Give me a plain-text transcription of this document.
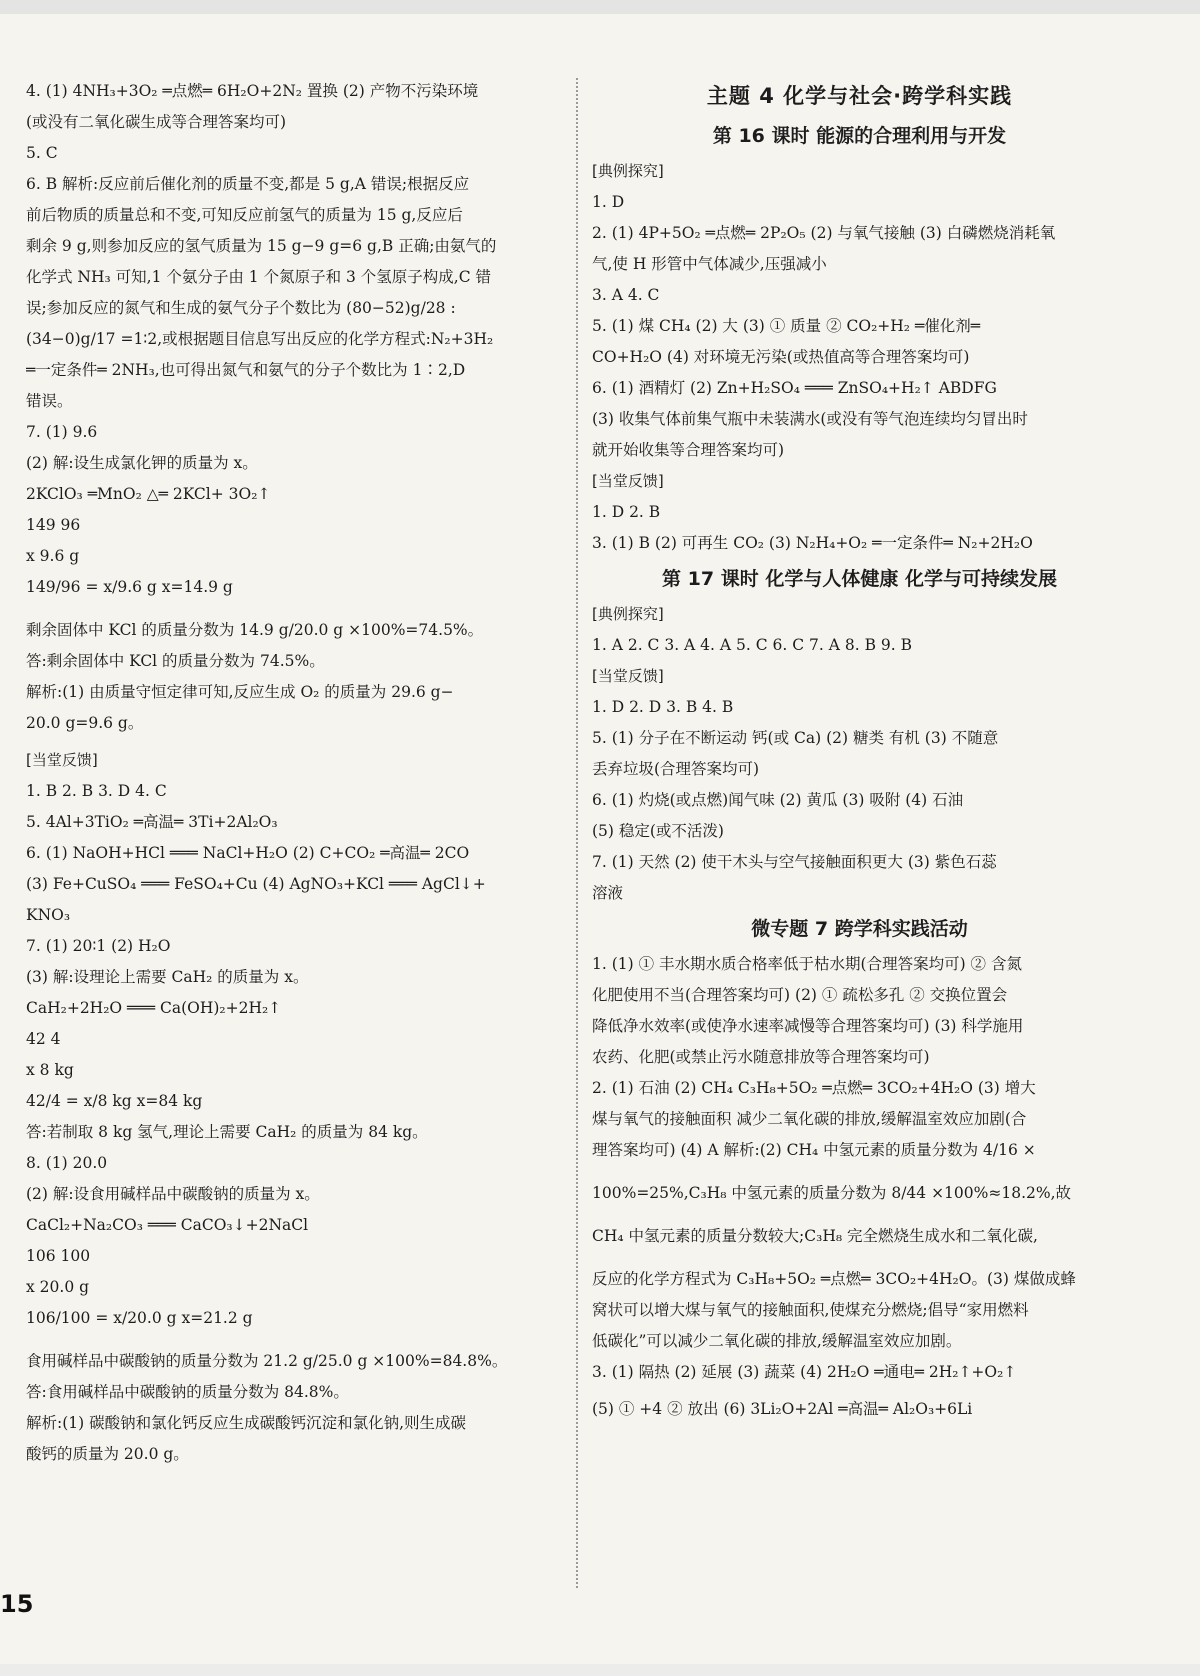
4. (1) 4NH₃+3O₂ ═点燃═ 6H₂O+2N₂ 置换 (2) 产物不污染环境
(或没有二氧化碳生成等合理答案均可)
5. C
6. B 解析:反应前后催化剂的质量不变,都是 5 g,A 错误;根据反应
前后物质的质量总和不变,可知反应前氢气的质量为 15 g,反应后
剩余 9 g,则参加反应的氢气质量为 15 g−9 g=6 g,B 正确;由氨气的
化学式 NH₃ 可知,1 个氨分子由 1 个氮原子和 3 个氢原子构成,C 错
误;参加反应的氮气和生成的氨气分子个数比为 (80−52)g/28 :
(34−0)g/17 =1∶2,或根据题目信息写出反应的化学方程式:N₂+3H₂
═一定条件═ 2NH₃,也可得出氮气和氨气的分子个数比为 1∶2,D
错误。
7. (1) 9.6
(2) 解:设生成氯化钾的质量为 x。
2KClO₃ ═MnO₂ △═ 2KCl+ 3O₂↑
149 96
x 9.6 g
149/96 = x/9.6 g x=14.9 g
剩余固体中 KCl 的质量分数为 14.9 g/20.0 g ×100%=74.5%。
答:剩余固体中 KCl 的质量分数为 74.5%。
解析:(1) 由质量守恒定律可知,反应生成 O₂ 的质量为 29.6 g−
20.0 g=9.6 g。
[当堂反馈]
1. B 2. B 3. D 4. C
5. 4Al+3TiO₂ ═高温═ 3Ti+2Al₂O₃
6. (1) NaOH+HCl ═══ NaCl+H₂O (2) C+CO₂ ═高温═ 2CO
(3) Fe+CuSO₄ ═══ FeSO₄+Cu (4) AgNO₃+KCl ═══ AgCl↓+
KNO₃
7. (1) 20∶1 (2) H₂O
(3) 解:设理论上需要 CaH₂ 的质量为 x。
CaH₂+2H₂O ═══ Ca(OH)₂+2H₂↑
42 4
x 8 kg
42/4 = x/8 kg x=84 kg
答:若制取 8 kg 氢气,理论上需要 CaH₂ 的质量为 84 kg。
8. (1) 20.0
(2) 解:设食用碱样品中碳酸钠的质量为 x。
CaCl₂+Na₂CO₃ ═══ CaCO₃↓+2NaCl
106 100
x 20.0 g
106/100 = x/20.0 g x=21.2 g
食用碱样品中碳酸钠的质量分数为 21.2 g/25.0 g ×100%=84.8%。
答:食用碱样品中碳酸钠的质量分数为 84.8%。
解析:(1) 碳酸钠和氯化钙反应生成碳酸钙沉淀和氯化钠,则生成碳
酸钙的质量为 20.0 g。
主题 4 化学与社会·跨学科实践
第 16 课时 能源的合理利用与开发
[典例探究]
1. D
2. (1) 4P+5O₂ ═点燃═ 2P₂O₅ (2) 与氧气接触 (3) 白磷燃烧消耗氧
气,使 H 形管中气体减少,压强减小
3. A 4. C
5. (1) 煤 CH₄ (2) 大 (3) ① 质量 ② CO₂+H₂ ═催化剂═
CO+H₂O (4) 对环境无污染(或热值高等合理答案均可)
6. (1) 酒精灯 (2) Zn+H₂SO₄ ═══ ZnSO₄+H₂↑ ABDFG
(3) 收集气体前集气瓶中未装满水(或没有等气泡连续均匀冒出时
就开始收集等合理答案均可)
[当堂反馈]
1. D 2. B
3. (1) B (2) 可再生 CO₂ (3) N₂H₄+O₂ ═一定条件═ N₂+2H₂O
第 17 课时 化学与人体健康 化学与可持续发展
[典例探究]
1. A 2. C 3. A 4. A 5. C 6. C 7. A 8. B 9. B
[当堂反馈]
1. D 2. D 3. B 4. B
5. (1) 分子在不断运动 钙(或 Ca) (2) 糖类 有机 (3) 不随意
丢弃垃圾(合理答案均可)
6. (1) 灼烧(或点燃)闻气味 (2) 黄瓜 (3) 吸附 (4) 石油
(5) 稳定(或不活泼)
7. (1) 天然 (2) 使干木头与空气接触面积更大 (3) 紫色石蕊
溶液
微专题 7 跨学科实践活动
1. (1) ① 丰水期水质合格率低于枯水期(合理答案均可) ② 含氮
化肥使用不当(合理答案均可) (2) ① 疏松多孔 ② 交换位置会
降低净水效率(或使净水速率减慢等合理答案均可) (3) 科学施用
农药、化肥(或禁止污水随意排放等合理答案均可)
2. (1) 石油 (2) CH₄ C₃H₈+5O₂ ═点燃═ 3CO₂+4H₂O (3) 增大
煤与氧气的接触面积 减少二氧化碳的排放,缓解温室效应加剧(合
理答案均可) (4) A 解析:(2) CH₄ 中氢元素的质量分数为 4/16 ×
100%=25%,C₃H₈ 中氢元素的质量分数为 8/44 ×100%≈18.2%,故
CH₄ 中氢元素的质量分数较大;C₃H₈ 完全燃烧生成水和二氧化碳,
反应的化学方程式为 C₃H₈+5O₂ ═点燃═ 3CO₂+4H₂O。(3) 煤做成蜂
窝状可以增大煤与氧气的接触面积,使煤充分燃烧;倡导“家用燃料
低碳化”可以减少二氧化碳的排放,缓解温室效应加剧。
3. (1) 隔热 (2) 延展 (3) 蔬菜 (4) 2H₂O ═通电═ 2H₂↑+O₂↑
(5) ① +4 ② 放出 (6) 3Li₂O+2Al ═高温═ Al₂O₃+6Li
15
